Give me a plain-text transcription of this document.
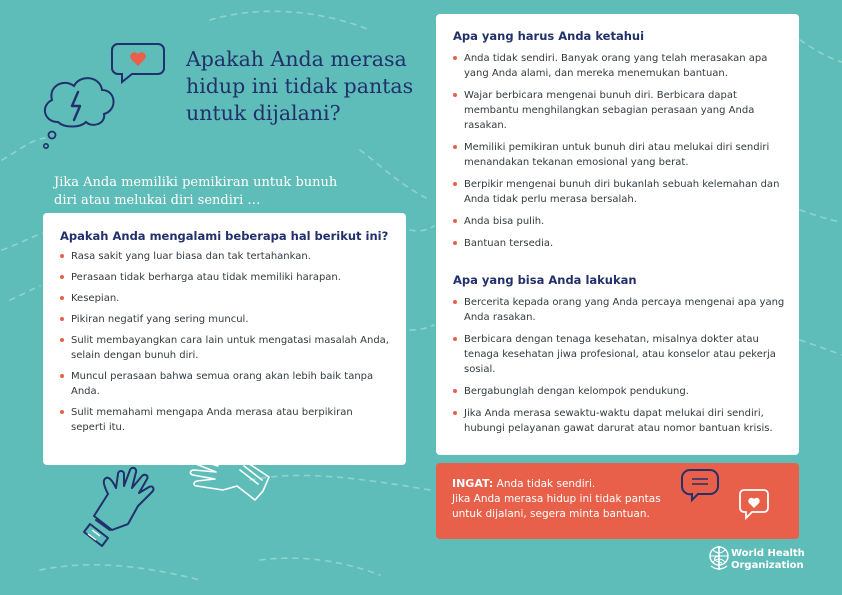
Apakah Anda merasa hidup ini tidak pantas untuk dijalani?

Jika Anda memiliki pemikiran untuk bunuh diri atau melukai diri sendiri …

Apakah Anda mengalami beberapa hal berikut ini?
Rasa sakit yang luar biasa dan tak tertahankan.
Perasaan tidak berharga atau tidak memiliki harapan.
Kesepian.
Pikiran negatif yang sering muncul.
Sulit membayangkan cara lain untuk mengatasi masalah Anda, selain dengan bunuh diri.
Muncul perasaan bahwa semua orang akan lebih baik tanpa Anda.
Sulit memahami mengapa Anda merasa atau berpikiran seperti itu.
Apa yang harus Anda ketahui
Anda tidak sendiri. Banyak orang yang telah merasakan apa yang Anda alami, dan mereka menemukan bantuan.
Wajar berbicara mengenai bunuh diri. Berbicara dapat membantu menghilangkan sebagian perasaan yang Anda rasakan.
Memiliki pemikiran untuk bunuh diri atau melukai diri sendiri menandakan tekanan emosional yang berat.
Berpikir mengenai bunuh diri bukanlah sebuah kelemahan dan Anda tidak perlu merasa bersalah.
Anda bisa pulih.
Bantuan tersedia.
Apa yang bisa Anda lakukan
Bercerita kepada orang yang Anda percaya mengenai apa yang Anda rasakan.
Berbicara dengan tenaga kesehatan, misalnya dokter atau tenaga kesehatan jiwa profesional, atau konselor atau pekerja sosial.
Bergabunglah dengan kelompok pendukung.
Jika Anda merasa sewaktu-waktu dapat melukai diri sendiri, hubungi pelayanan gawat darurat atau nomor bantuan krisis.
INGAT: Anda tidak sendiri.
Jika Anda merasa hidup ini tidak pantas untuk dijalani, segera minta bantuan.
World Health
Organization
